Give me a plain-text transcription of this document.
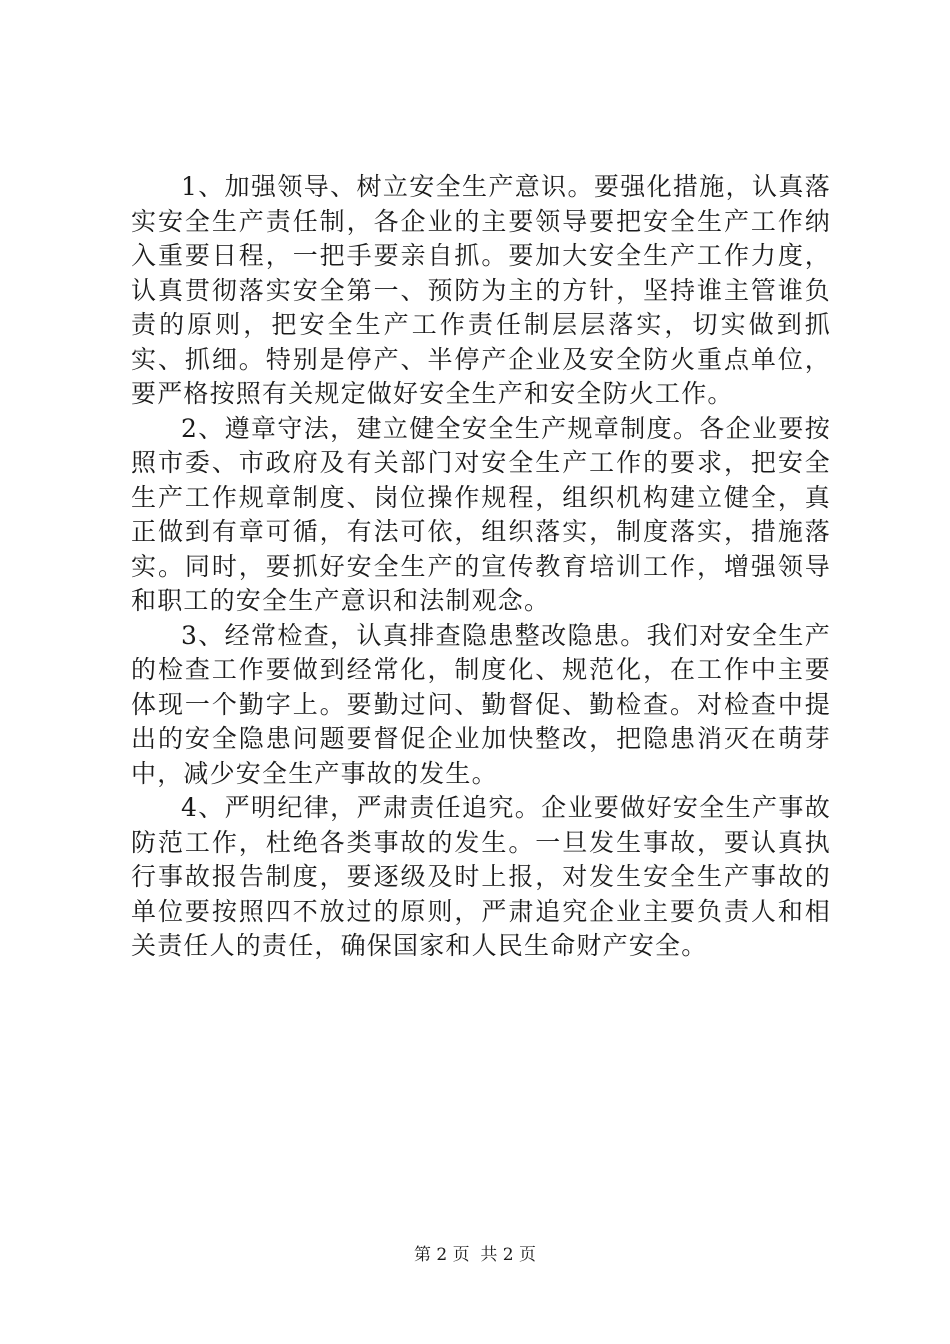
1、加强领导、树立安全生产意识。要强化措施，认真落实安全生产责任制，各企业的主要领导要把安全生产工作纳入重要日程，一把手要亲自抓。要加大安全生产工作力度，认真贯彻落实安全第一、预防为主的方针，坚持谁主管谁负责的原则，把安全生产工作责任制层层落实，切实做到抓实、抓细。特别是停产、半停产企业及安全防火重点单位，要严格按照有关规定做好安全生产和安全防火工作。

2、遵章守法，建立健全安全生产规章制度。各企业要按照市委、市政府及有关部门对安全生产工作的要求，把安全生产工作规章制度、岗位操作规程，组织机构建立健全，真正做到有章可循，有法可依，组织落实，制度落实，措施落实。同时，要抓好安全生产的宣传教育培训工作，增强领导和职工的安全生产意识和法制观念。

3、经常检查，认真排查隐患整改隐患。我们对安全生产的检查工作要做到经常化，制度化、规范化，在工作中主要体现一个勤字上。要勤过问、勤督促、勤检查。对检查中提出的安全隐患问题要督促企业加快整改，把隐患消灭在萌芽中，减少安全生产事故的发生。

4、严明纪律，严肃责任追究。企业要做好安全生产事故防范工作，杜绝各类事故的发生。一旦发生事故，要认真执行事故报告制度，要逐级及时上报，对发生安全生产事故的单位要按照四不放过的原则，严肃追究企业主要负责人和相关责任人的责任，确保国家和人民生命财产安全。

第 2 页  共 2 页
